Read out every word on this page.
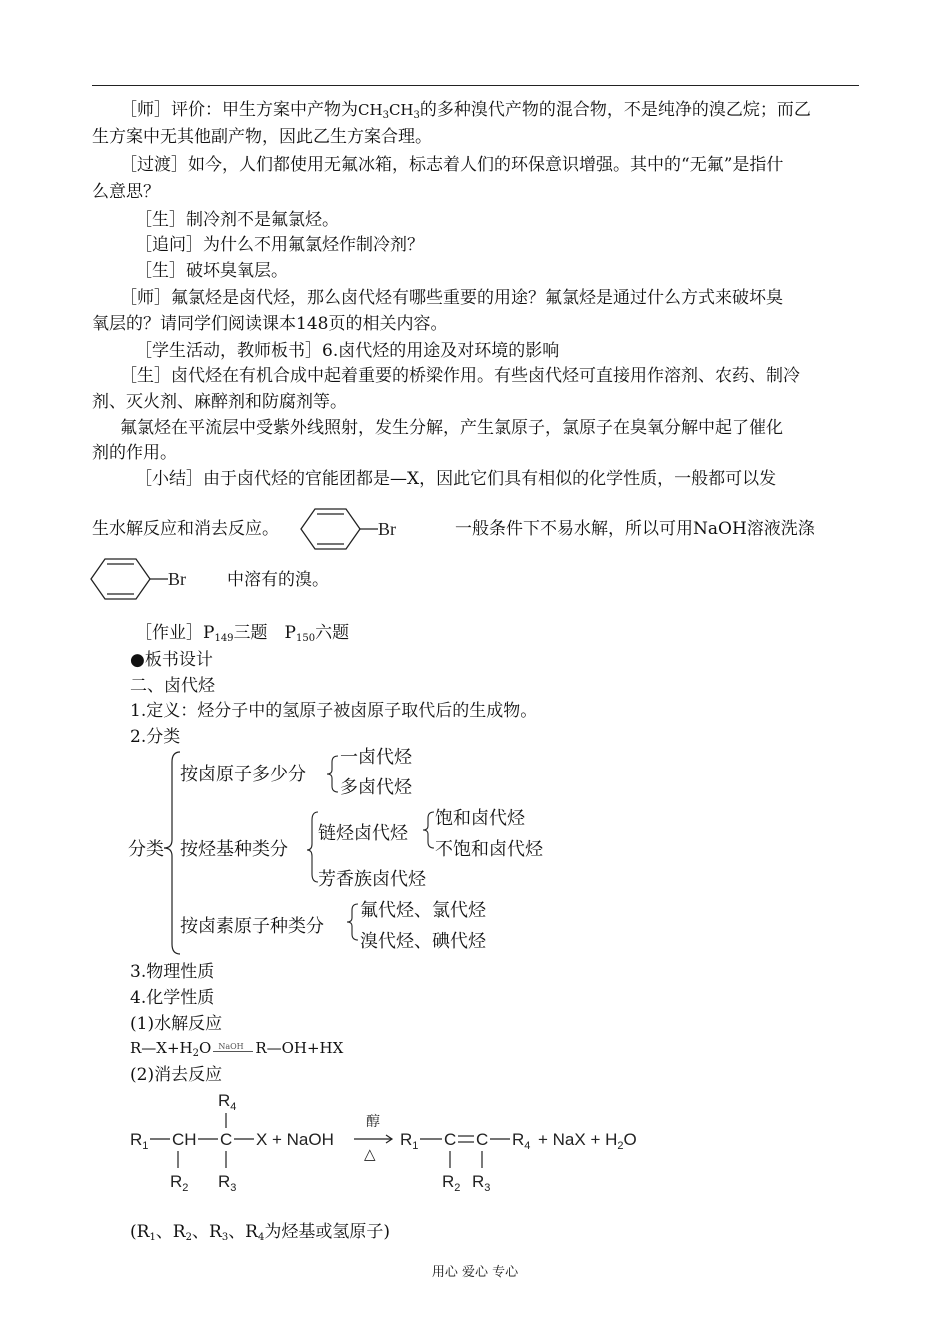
［师］评价：甲生方案中产物为$CH_3CH_3$的多种溴代产物的混合物，不是纯净的溴乙烷；而乙
生方案中无其他副产物，因此乙生方案合理。
［过渡］如今，人们都使用无氟冰箱，标志着人们的环保意识增强。其中的“无氟”是指什
么意思？
［生］制冷剂不是氟氯烃。
［追问］为什么不用氟氯烃作制冷剂？
［生］破坏臭氧层。
［师］氟氯烃是卤代烃，那么卤代烃有哪些重要的用途？氟氯烃是通过什么方式来破坏臭
氧层的？请同学们阅读课本148页的相关内容。
［学生活动，教师板书］6.卤代烃的用途及对环境的影响
［生］卤代烃在有机合成中起着重要的桥梁作用。有些卤代烃可直接用作溶剂、农药、制冷
剂、灭火剂、麻醉剂和防腐剂等。
氟氯烃在平流层中受紫外线照射，发生分解，产生氯原子，氯原子在臭氧分解中起了催化
剂的作用。
［小结］由于卤代烃的官能团都是—X，因此它们具有相似的化学性质，一般都可以发
生水解反应和消去反应。	Br	一般条件下不易水解，所以可用NaOH溶液洗涤
Br 中溶有的溴。
［作业$]P_{149}$三题　$P_{150}$六题
●板书设计
二、卤代烃
1.定义：烃分子中的氢原子被卤原子取代后的生成物。
2.分类
分类
按卤原子多少分
一卤代烃
多卤代烃
按烃基种类分
链烃卤代烃
饱和卤代烃
不饱和卤代烃
芳香族卤代烃
按卤素原子种类分
氟代烃、氯代烃
溴代烃、碘代烃
3.物理性质
4.化学性质
(1)水解反应
$R—X+H_2O$ NaOH R—OH+HX
(2)消去反应
$R_1$ CH C X + NaOH
$R_4$
$R_2$ $R_3$
醇
△
$R_1$ C C $R_4$ + NaX + $H_2O$
$R_2$ $R_3$
($R_1$、$R_2$、$R_3$、$R_4$为烃基或氢原子)
用心 爱心 专心
